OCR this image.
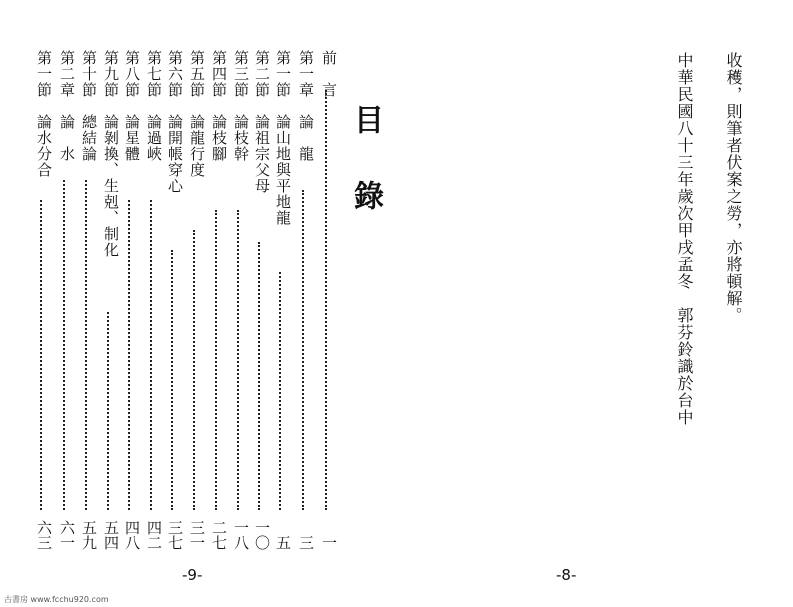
目
錄
前　言
一
第一章　論　龍
三
第一節　論山地與平地龍
五
第二節　論祖宗父母
一〇
第三節　論枝幹
一八
第四節　論枝腳
二七
第五節　論龍行度
三一
第六節　論開帳穿心
三七
第七節　論過峽
四二
第八節　論星體
四八
第九節　論剝換、生剋、制化
五四
第十節　總結論
五九
第二章　論　水
六一
第一節　論水分合
六三
-9-
收穫，則筆者伏案之勞，亦將頓解。
中華民國八十三年歲次甲戌孟冬　郭芬鈴識於台中
-8-
古書房 www.fcchu920.com
